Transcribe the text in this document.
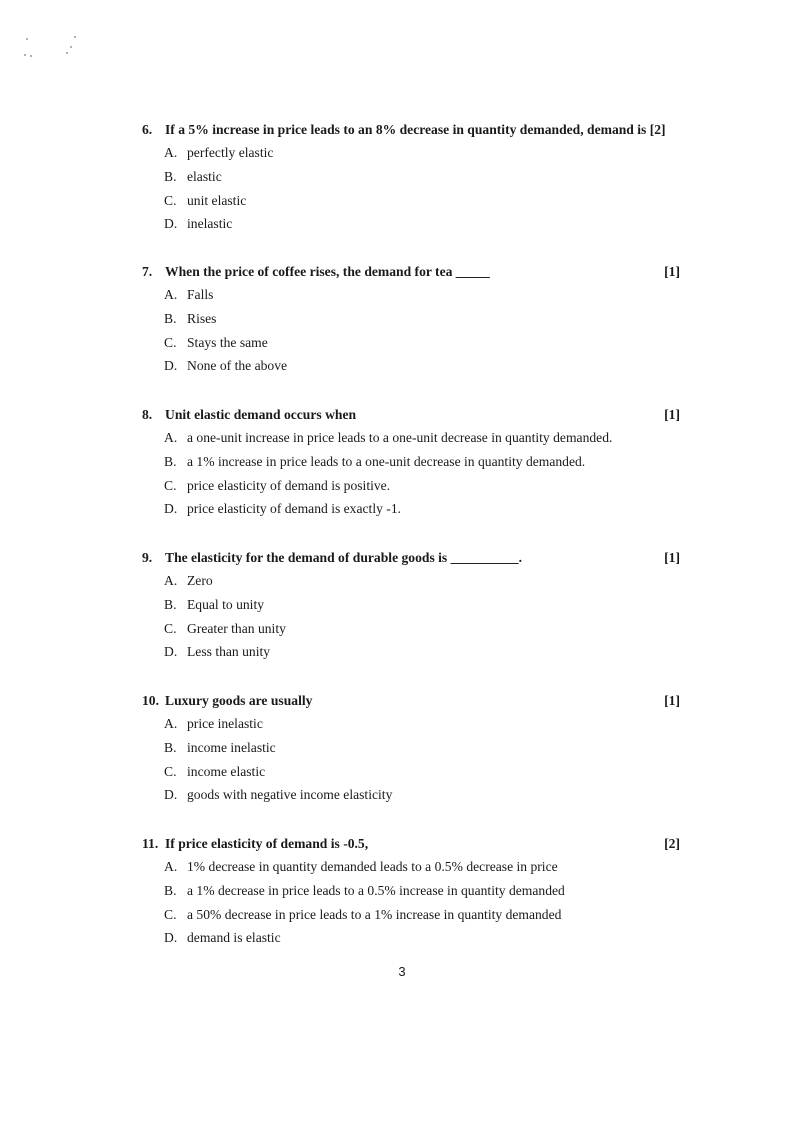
6. If a 5% increase in price leads to an 8% decrease in quantity demanded, demand is [2]
A. perfectly elastic
B. elastic
C. unit elastic
D. inelastic
7. When the price of coffee rises, the demand for tea _____	[1]
A. Falls
B. Rises
C. Stays the same
D. None of the above
8. Unit elastic demand occurs when	[1]
A. a one-unit increase in price leads to a one-unit decrease in quantity demanded.
B. a 1% increase in price leads to a one-unit decrease in quantity demanded.
C. price elasticity of demand is positive.
D. price elasticity of demand is exactly -1.
9. The elasticity for the demand of durable goods is __________.	[1]
A. Zero
B. Equal to unity
C. Greater than unity
D. Less than unity
10. Luxury goods are usually	[1]
A. price inelastic
B. income inelastic
C. income elastic
D. goods with negative income elasticity
11. If price elasticity of demand is -0.5,	[2]
A. 1% decrease in quantity demanded leads to a 0.5% decrease in price
B. a 1% decrease in price leads to a 0.5% increase in quantity demanded
C. a 50% decrease in price leads to a 1% increase in quantity demanded
D. demand is elastic
3
